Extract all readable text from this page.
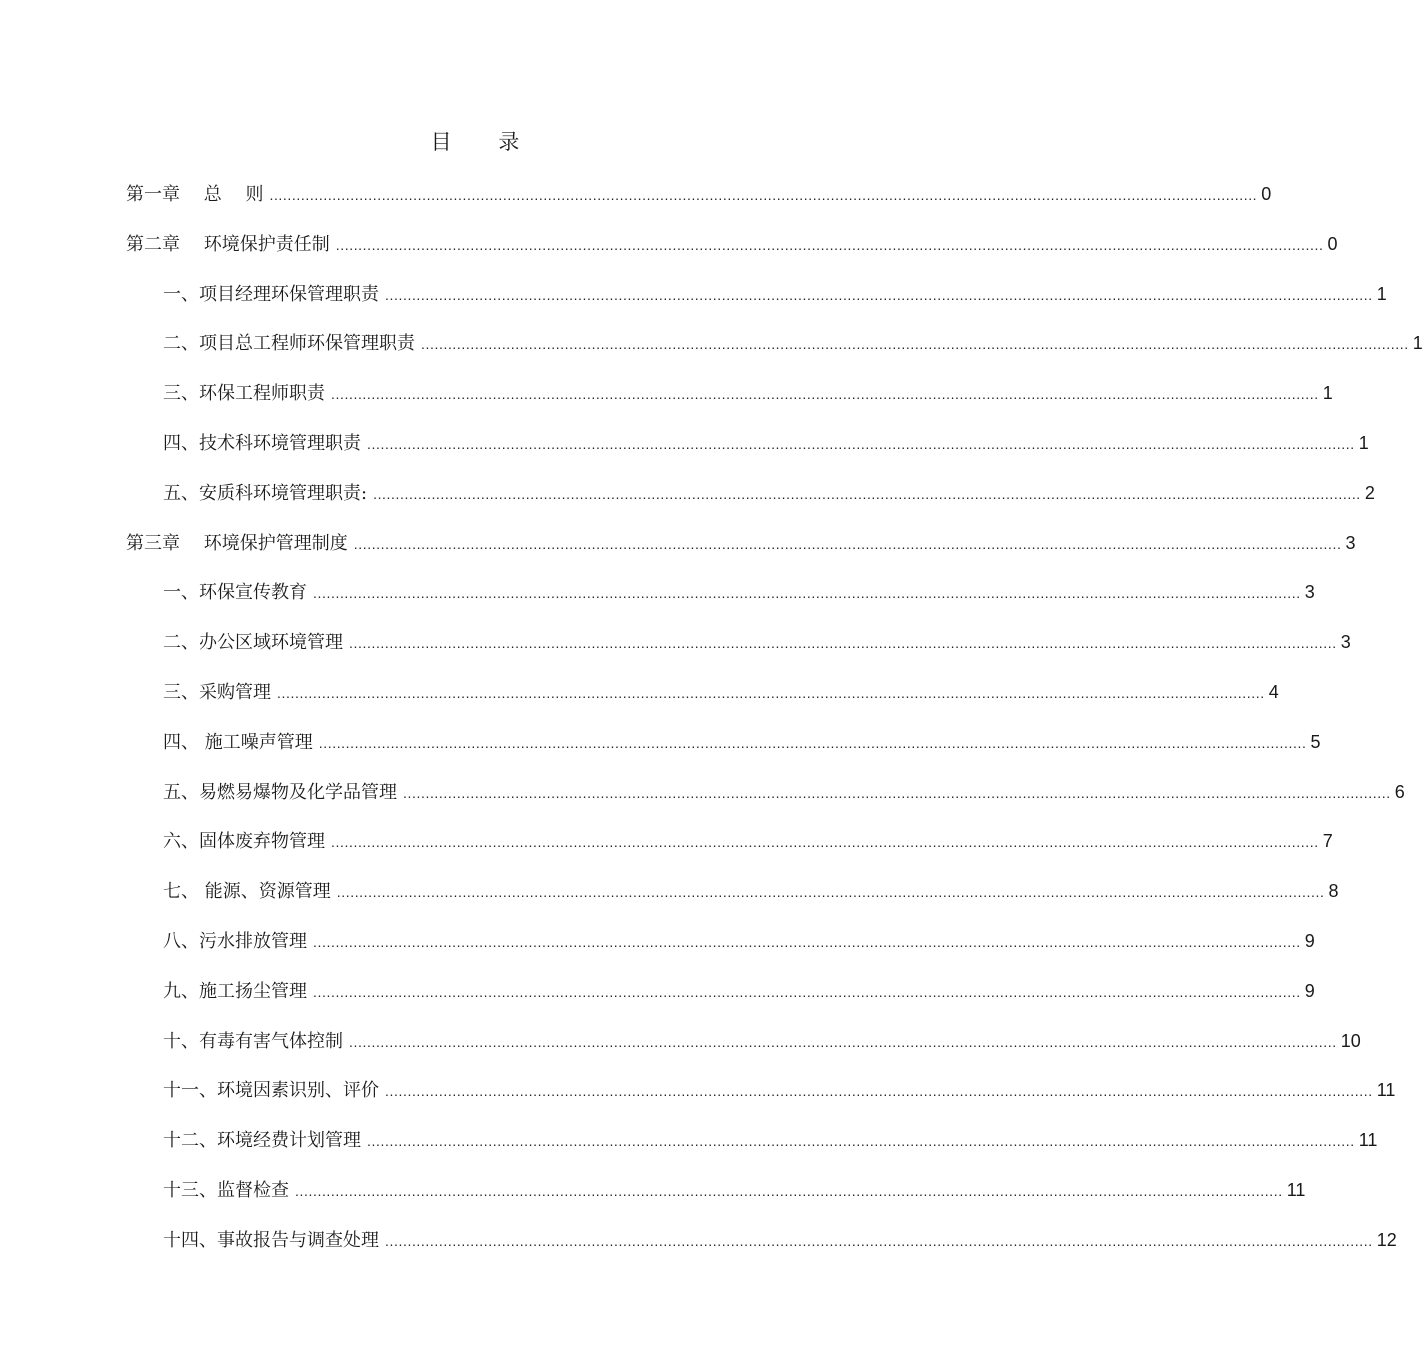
目 录
第一章　 总　 则 ............................................................................................................................................................................................................................ 0
第二章　 环境保护责任制 ............................................................................................................................................................................................................................ 0
一、项目经理环保管理职责 ............................................................................................................................................................................................................................ 1
二、项目总工程师环保管理职责 ............................................................................................................................................................................................................................ 1
三、环保工程师职责 ............................................................................................................................................................................................................................ 1
四、技术科环境管理职责 ............................................................................................................................................................................................................................ 1
五、安质科环境管理职责: ............................................................................................................................................................................................................................ 2
第三章　 环境保护管理制度 ............................................................................................................................................................................................................................ 3
一、环保宣传教育 ............................................................................................................................................................................................................................ 3
二、办公区域环境管理 ............................................................................................................................................................................................................................ 3
三、采购管理 ............................................................................................................................................................................................................................ 4
四、 施工噪声管理 ............................................................................................................................................................................................................................ 5
五、易燃易爆物及化学品管理 ............................................................................................................................................................................................................................ 6
六、固体废弃物管理 ............................................................................................................................................................................................................................ 7
七、 能源、资源管理 ............................................................................................................................................................................................................................ 8
八、污水排放管理 ............................................................................................................................................................................................................................ 9
九、施工扬尘管理 ............................................................................................................................................................................................................................ 9
十、有毒有害气体控制 ............................................................................................................................................................................................................................ 10
十一、环境因素识别、评价 ............................................................................................................................................................................................................................ 11
十二、环境经费计划管理 ............................................................................................................................................................................................................................ 11
十三、监督检查 ............................................................................................................................................................................................................................ 11
十四、事故报告与调查处理 ............................................................................................................................................................................................................................ 12
